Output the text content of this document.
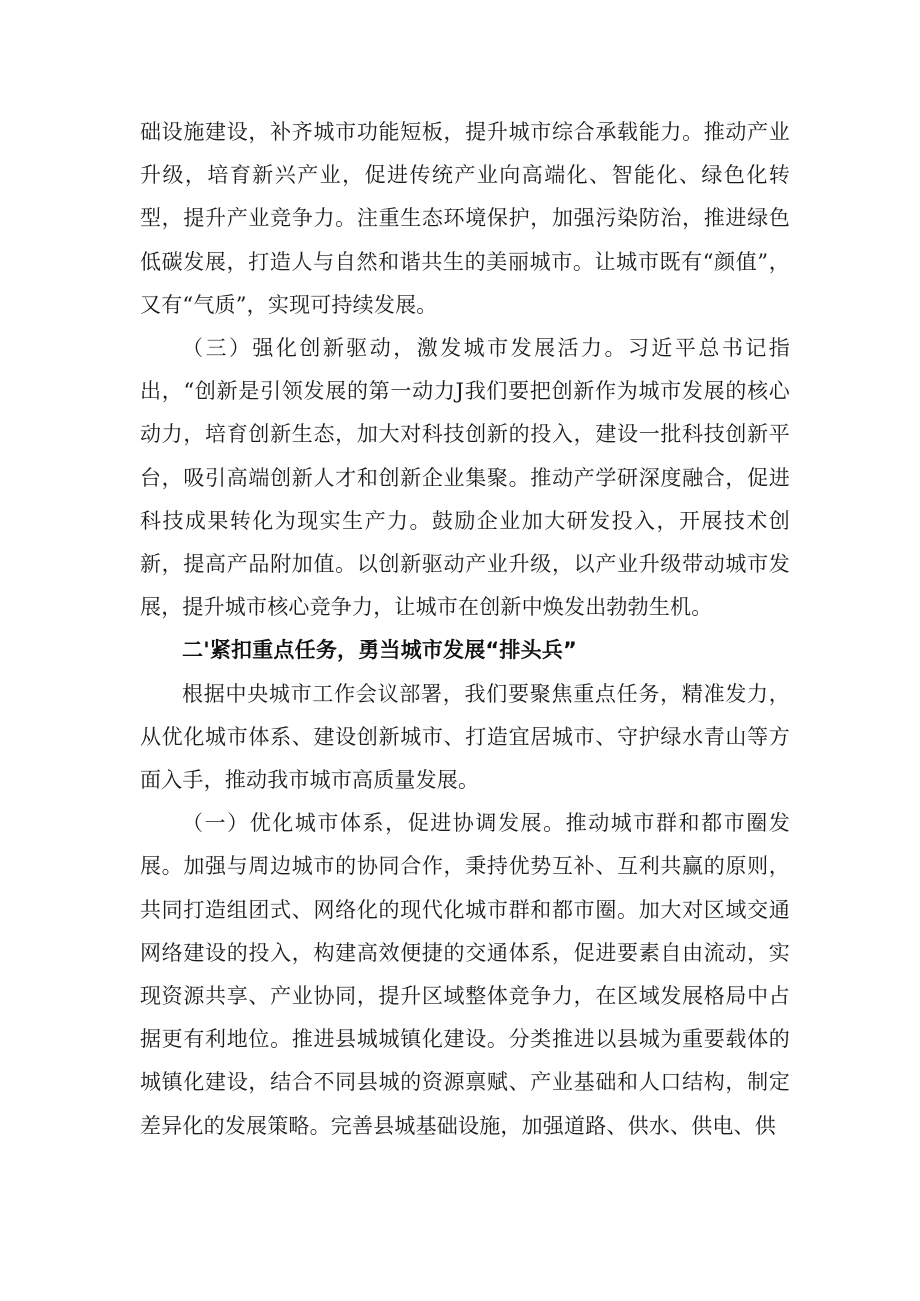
础设施建设，补齐城市功能短板，提升城市综合承载能力。推动产业升级，培育新兴产业，促进传统产业向高端化、智能化、绿色化转型，提升产业竞争力。注重生态环境保护，加强污染防治，推进绿色低碳发展，打造人与自然和谐共生的美丽城市。让城市既有“颜值”，又有“气质”，实现可持续发展。

（三）强化创新驱动，激发城市发展活力。习近平总书记指出，“创新是引领发展的第一动力J我们要把创新作为城市发展的核心动力，培育创新生态，加大对科技创新的投入，建设一批科技创新平台，吸引高端创新人才和创新企业集聚。推动产学研深度融合，促进科技成果转化为现实生产力。鼓励企业加大研发投入，开展技术创新，提高产品附加值。以创新驱动产业升级，以产业升级带动城市发展，提升城市核心竞争力，让城市在创新中焕发出勃勃生机。

二'紧扣重点任务，勇当城市发展“排头兵”

根据中央城市工作会议部署，我们要聚焦重点任务，精准发力，从优化城市体系、建设创新城市、打造宜居城市、守护绿水青山等方面入手，推动我市城市高质量发展。

（一）优化城市体系，促进协调发展。推动城市群和都市圈发展。加强与周边城市的协同合作，秉持优势互补、互利共赢的原则，共同打造组团式、网络化的现代化城市群和都市圈。加大对区域交通网络建设的投入，构建高效便捷的交通体系，促进要素自由流动，实现资源共享、产业协同，提升区域整体竞争力，在区域发展格局中占据更有利地位。推进县城城镇化建设。分类推进以县城为重要载体的城镇化建设，结合不同县城的资源禀赋、产业基础和人口结构，制定差异化的发展策略。完善县城基础设施，加强道路、供水、供电、供
